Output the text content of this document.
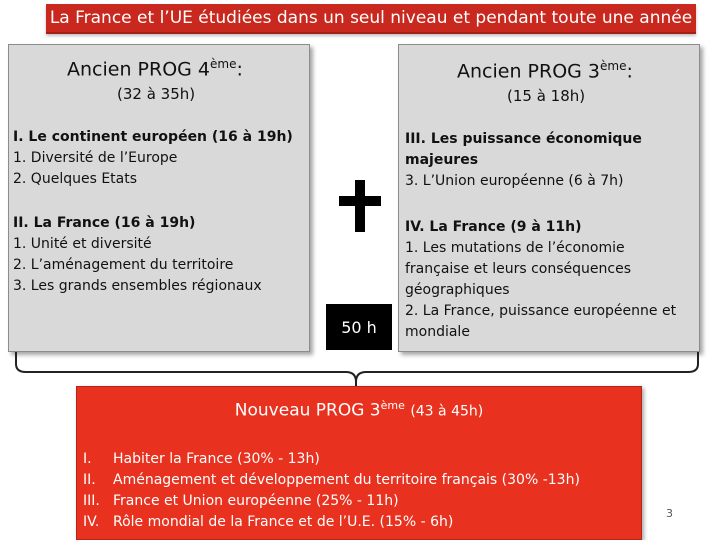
La France et l’UE étudiées dans un seul niveau et pendant toute une année
Ancien PROG 4ème:
(32 à 35h)
I. Le continent européen (16 à 19h)
1. Diversité de l’Europe
2. Quelques Etats
II. La France (16 à 19h)
1. Unité et diversité
2. L’aménagement du territoire
3. Les grands ensembles régionaux
Ancien PROG 3ème:
(15 à 18h)
III. Les puissance économique
majeures
3. L’Union européenne (6 à 7h)
IV. La France (9 à 11h)
1. Les mutations de l’économie
française et leurs conséquences
géographiques
2. La France, puissance européenne et
mondiale
50 h
Nouveau PROG 3ème (43 à 45h)
I.	Habiter la France (30% - 13h)
II.	Aménagement et développement du territoire français (30% -13h)
III. France et Union européenne (25% - 11h)
IV. Rôle mondial de la France et de l’U.E. (15% - 6h)
3
